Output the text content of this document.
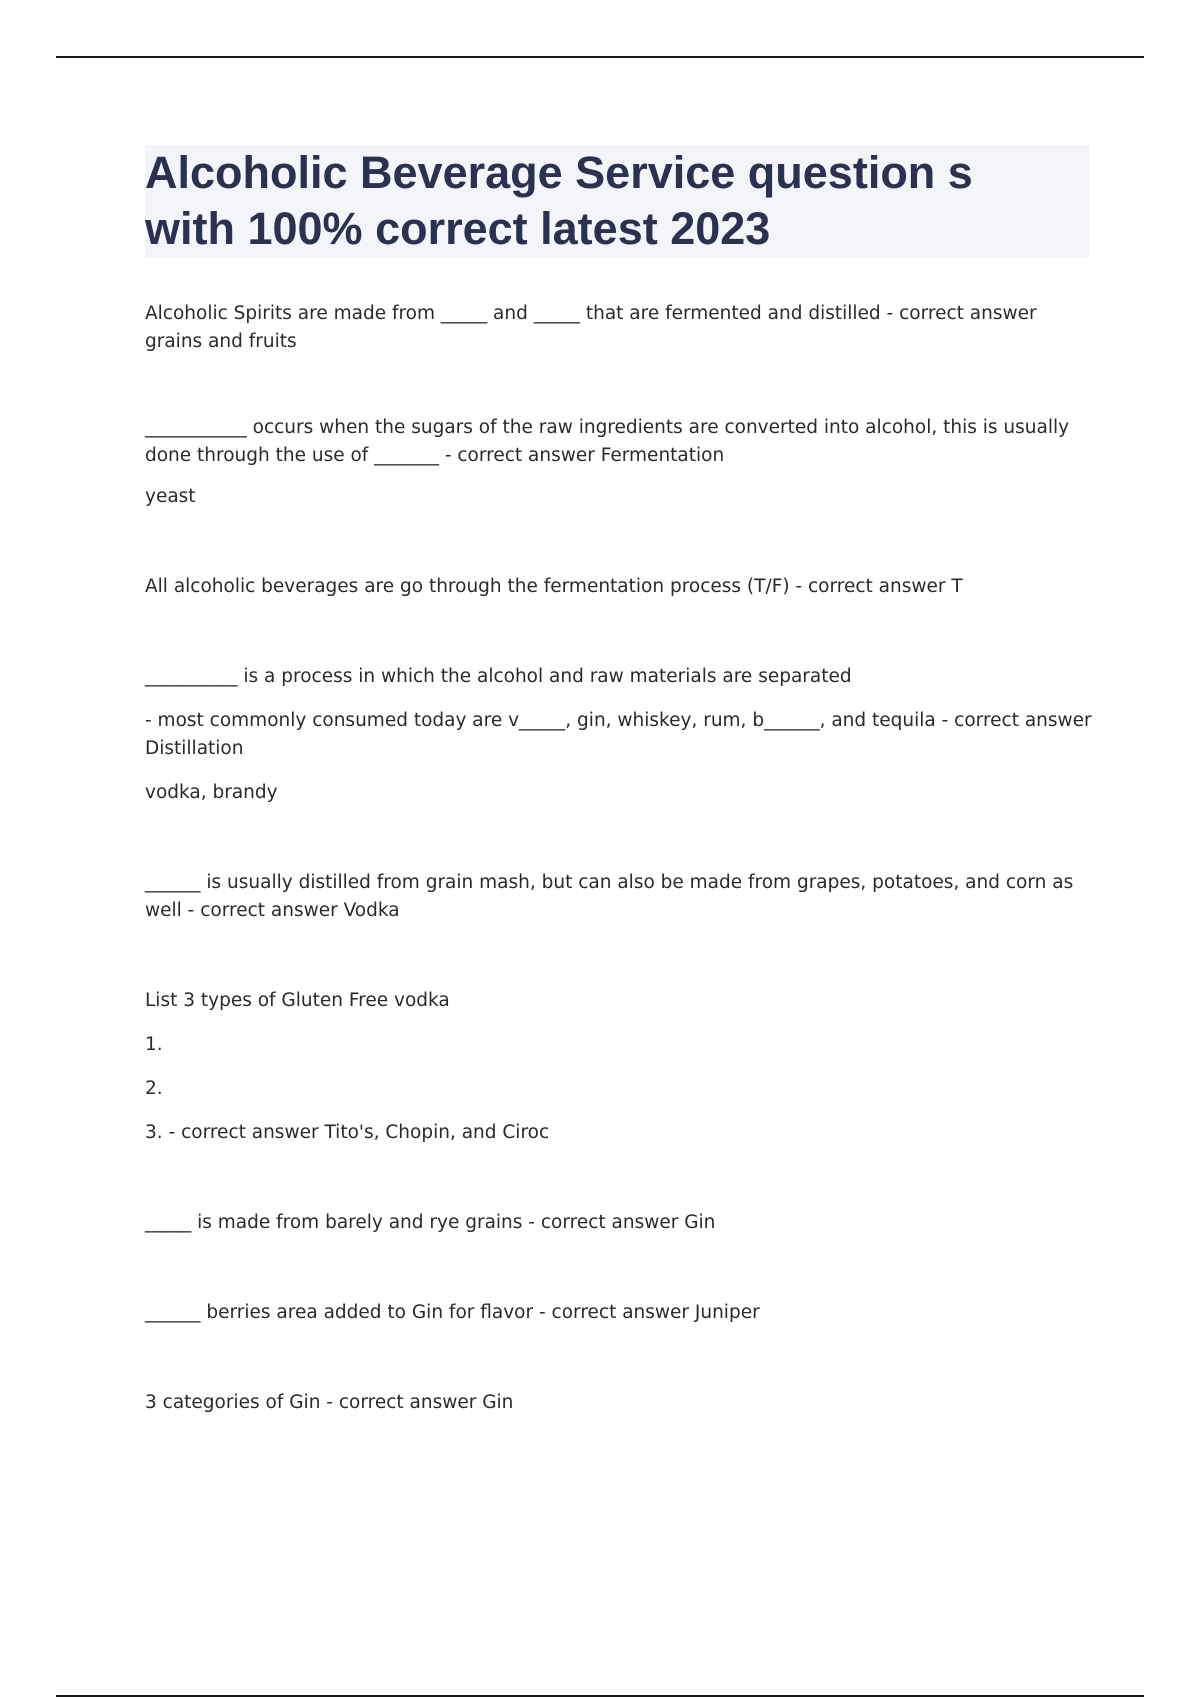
Alcoholic Beverage Service question s
with 100% correct latest 2023

Alcoholic Spirits are made from _____ and _____ that are fermented and distilled - correct answer grains and fruits

___________ occurs when the sugars of the raw ingredients are converted into alcohol, this is usually done through the use of _______ - correct answer Fermentation

yeast

All alcoholic beverages are go through the fermentation process (T/F) - correct answer T

__________ is a process in which the alcohol and raw materials are separated

- most commonly consumed today are v_____, gin, whiskey, rum, b______, and tequila - correct answer Distillation

vodka, brandy

______ is usually distilled from grain mash, but can also be made from grapes, potatoes, and corn as well - correct answer Vodka

List 3 types of Gluten Free vodka

1.

2.

3. - correct answer Tito's, Chopin, and Ciroc

_____ is made from barely and rye grains - correct answer Gin

______ berries area added to Gin for flavor - correct answer Juniper

3 categories of Gin - correct answer Gin
